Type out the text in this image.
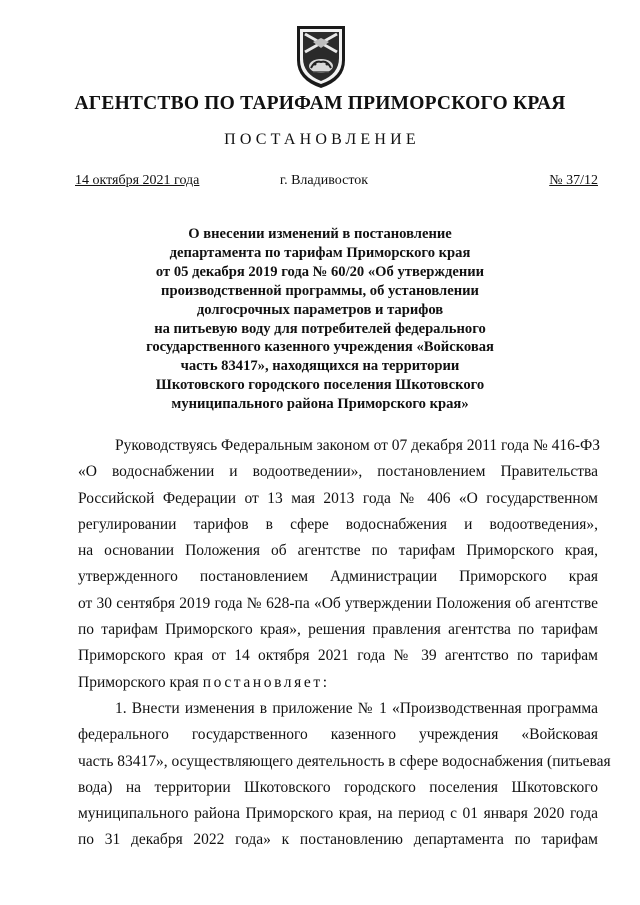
АГЕНТСТВО ПО ТАРИФАМ ПРИМОРСКОГО КРАЯ
ПОСТАНОВЛЕНИЕ
14 октября 2021 года	г. Владивосток	№ 37/12
О внесении изменений в постановление
департамента по тарифам Приморского края
от 05 декабря 2019 года № 60/20 «Об утверждении
производственной программы, об установлении
долгосрочных параметров и тарифов
на питьевую воду для потребителей федерального
государственного казенного учреждения «Войсковая
часть 83417», находящихся на территории
Шкотовского городского поселения Шкотовского
муниципального района Приморского края»
Руководствуясь Федеральным законом от 07 декабря 2011 года № 416-ФЗ
«О водоснабжении и водоотведении», постановлением Правительства
Российской Федерации от 13 мая 2013 года № 406 «О государственном
регулировании тарифов в сфере водоснабжения и водоотведения»,
на основании Положения об агентстве по тарифам Приморского края,
утвержденного постановлением Администрации Приморского края
от 30 сентября 2019 года № 628-па «Об утверждении Положения об агентстве
по тарифам Приморского края», решения правления агентства по тарифам
Приморского края от 14 октября 2021 года № 39 агентство по тарифам
Приморского края постановляет:
1. Внести изменения в приложение № 1 «Производственная программа
федерального государственного казенного учреждения «Войсковая
часть 83417», осуществляющего деятельность в сфере водоснабжения (питьевая
вода) на территории Шкотовского городского поселения Шкотовского
муниципального района Приморского края, на период с 01 января 2020 года
по 31 декабря 2022 года» к постановлению департамента по тарифам
